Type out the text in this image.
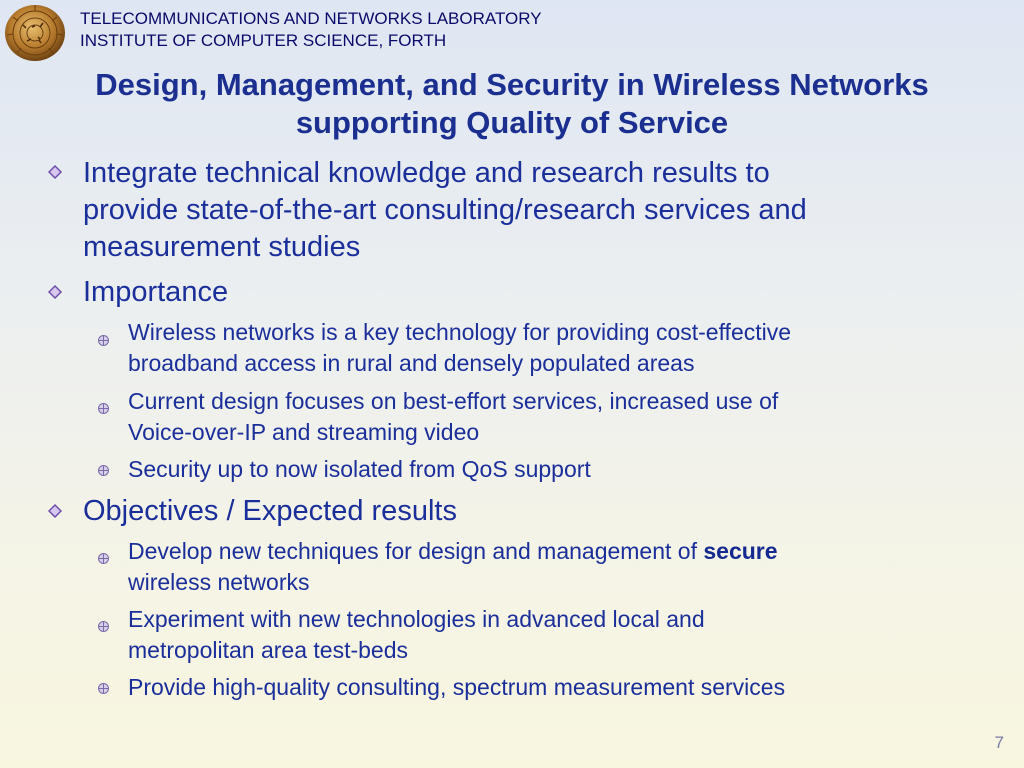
TELECOMMUNICATIONS AND NETWORKS LABORATORY
INSTITUTE OF COMPUTER SCIENCE, FORTH
Design, Management, and Security in Wireless Networks
supporting Quality of Service
Integrate technical knowledge and research results to
provide state-of-the-art consulting/research services and
measurement studies
Importance
Wireless networks is a key technology for providing cost-effective
broadband access in rural and densely populated areas
Current design focuses on best-effort services, increased use of
Voice-over-IP and streaming video
Security up to now isolated from QoS support
Objectives / Expected results
Develop new techniques for design and management of secure
wireless networks
Experiment with new technologies in advanced local and
metropolitan area test-beds
Provide high-quality consulting, spectrum measurement services
7
